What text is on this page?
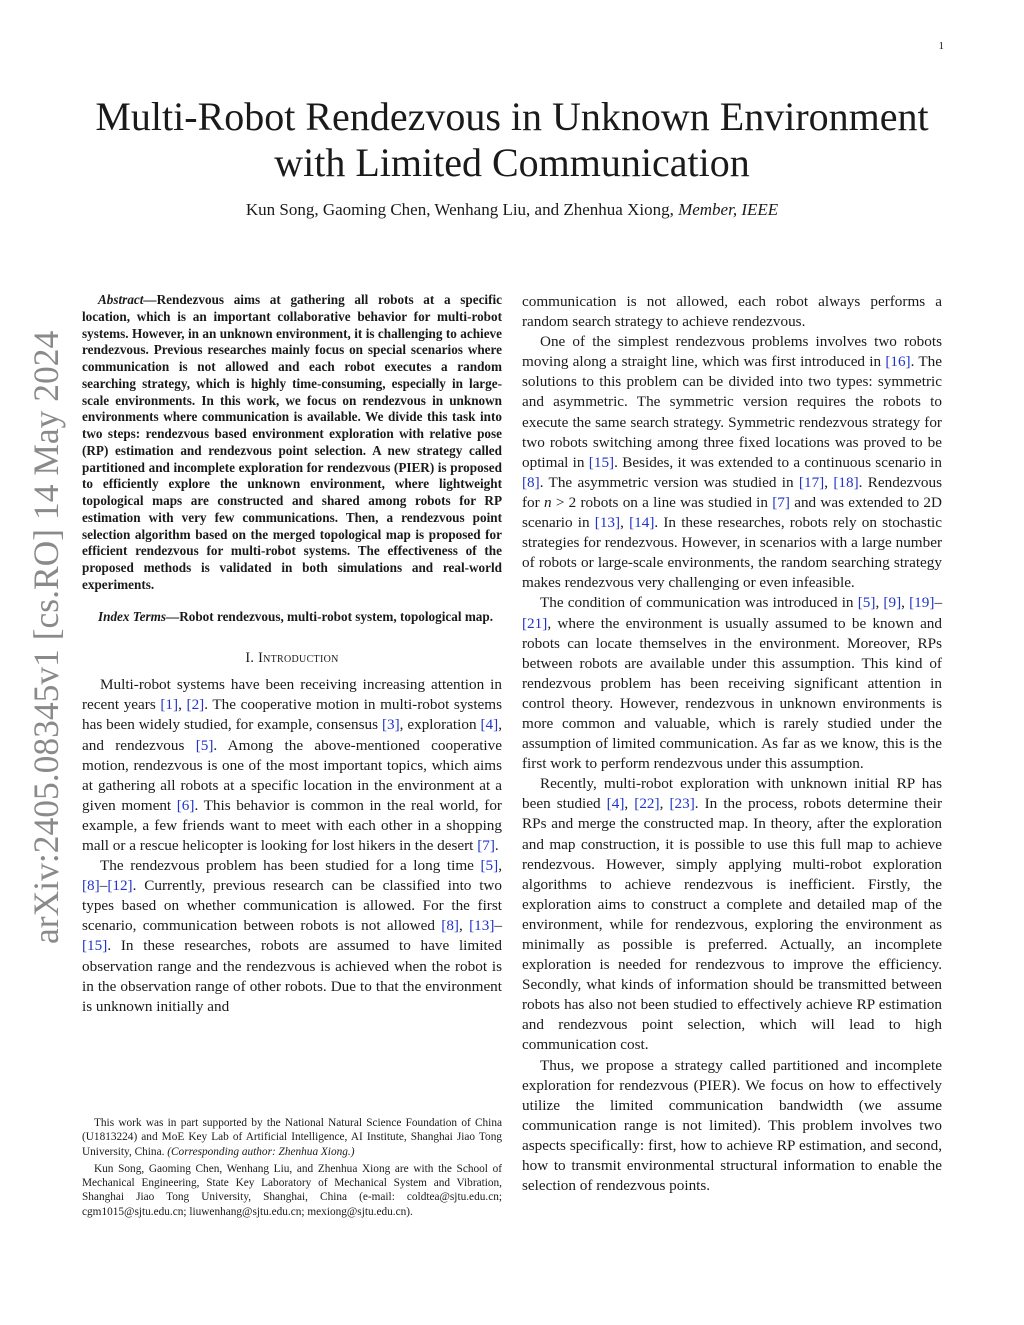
1
arXiv:2405.08345v1 [cs.RO] 14 May 2024
Multi-Robot Rendezvous in Unknown Environment with Limited Communication
Kun Song, Gaoming Chen, Wenhang Liu, and Zhenhua Xiong, Member, IEEE

Abstract—Rendezvous aims at gathering all robots at a specific location, which is an important collaborative behavior for multi-robot systems. However, in an unknown environment, it is challenging to achieve rendezvous. Previous researches mainly focus on special scenarios where communication is not allowed and each robot executes a random searching strategy, which is highly time-consuming, especially in large-scale environments. In this work, we focus on rendezvous in unknown environments where communication is available. We divide this task into two steps: rendezvous based environment exploration with relative pose (RP) estimation and rendezvous point selection. A new strategy called partitioned and incomplete exploration for rendezvous (PIER) is proposed to efficiently explore the unknown environment, where lightweight topological maps are constructed and shared among robots for RP estimation with very few communications. Then, a rendezvous point selection algorithm based on the merged topological map is proposed for efficient rendezvous for multi-robot systems. The effectiveness of the proposed methods is validated in both simulations and real-world experiments.

Index Terms—Robot rendezvous, multi-robot system, topological map.

I. Introduction

Multi-robot systems have been receiving increasing attention in recent years [1], [2]. The cooperative motion in multi-robot systems has been widely studied, for example, consensus [3], exploration [4], and rendezvous [5]. Among the above-mentioned cooperative motion, rendezvous is one of the most important topics, which aims at gathering all robots at a specific location in the environment at a given moment [6]. This behavior is common in the real world, for example, a few friends want to meet with each other in a shopping mall or a rescue helicopter is looking for lost hikers in the desert [7].

The rendezvous problem has been studied for a long time [5], [8]–[12]. Currently, previous research can be classified into two types based on whether communication is allowed. For the first scenario, communication between robots is not allowed [8], [13]–[15]. In these researches, robots are assumed to have limited observation range and the rendezvous is achieved when the robot is in the observation range of other robots. Due to that the environment is unknown initially and

This work was in part supported by the National Natural Science Foundation of China (U1813224) and MoE Key Lab of Artificial Intelligence, AI Institute, Shanghai Jiao Tong University, China. (Corresponding author: Zhenhua Xiong.)

Kun Song, Gaoming Chen, Wenhang Liu, and Zhenhua Xiong are with the School of Mechanical Engineering, State Key Laboratory of Mechanical System and Vibration, Shanghai Jiao Tong University, Shanghai, China (e-mail: coldtea@sjtu.edu.cn; cgm1015@sjtu.edu.cn; liuwenhang@sjtu.edu.cn; mexiong@sjtu.edu.cn).

communication is not allowed, each robot always performs a random search strategy to achieve rendezvous.

One of the simplest rendezvous problems involves two robots moving along a straight line, which was first introduced in [16]. The solutions to this problem can be divided into two types: symmetric and asymmetric. The symmetric version requires the robots to execute the same search strategy. Symmetric rendezvous strategy for two robots switching among three fixed locations was proved to be optimal in [15]. Besides, it was extended to a continuous scenario in [8]. The asymmetric version was studied in [17], [18]. Rendezvous for n > 2 robots on a line was studied in [7] and was extended to 2D scenario in [13], [14]. In these researches, robots rely on stochastic strategies for rendezvous. However, in scenarios with a large number of robots or large-scale environments, the random searching strategy makes rendezvous very challenging or even infeasible.

The condition of communication was introduced in [5], [9], [19]–[21], where the environment is usually assumed to be known and robots can locate themselves in the environment. Moreover, RPs between robots are available under this assumption. This kind of rendezvous problem has been receiving significant attention in control theory. However, rendezvous in unknown environments is more common and valuable, which is rarely studied under the assumption of limited communication. As far as we know, this is the first work to perform rendezvous under this assumption.

Recently, multi-robot exploration with unknown initial RP has been studied [4], [22], [23]. In the process, robots determine their RPs and merge the constructed map. In theory, after the exploration and map construction, it is possible to use this full map to achieve rendezvous. However, simply applying multi-robot exploration algorithms to achieve rendezvous is inefficient. Firstly, the exploration aims to construct a complete and detailed map of the environment, while for rendezvous, exploring the environment as minimally as possible is preferred. Actually, an incomplete exploration is needed for rendezvous to improve the efficiency. Secondly, what kinds of information should be transmitted between robots has also not been studied to effectively achieve RP estimation and rendezvous point selection, which will lead to high communication cost.

Thus, we propose a strategy called partitioned and incomplete exploration for rendezvous (PIER). We focus on how to effectively utilize the limited communication bandwidth (we assume communication range is not limited). This problem involves two aspects specifically: first, how to achieve RP estimation, and second, how to transmit environmental structural information to enable the selection of rendezvous points.
